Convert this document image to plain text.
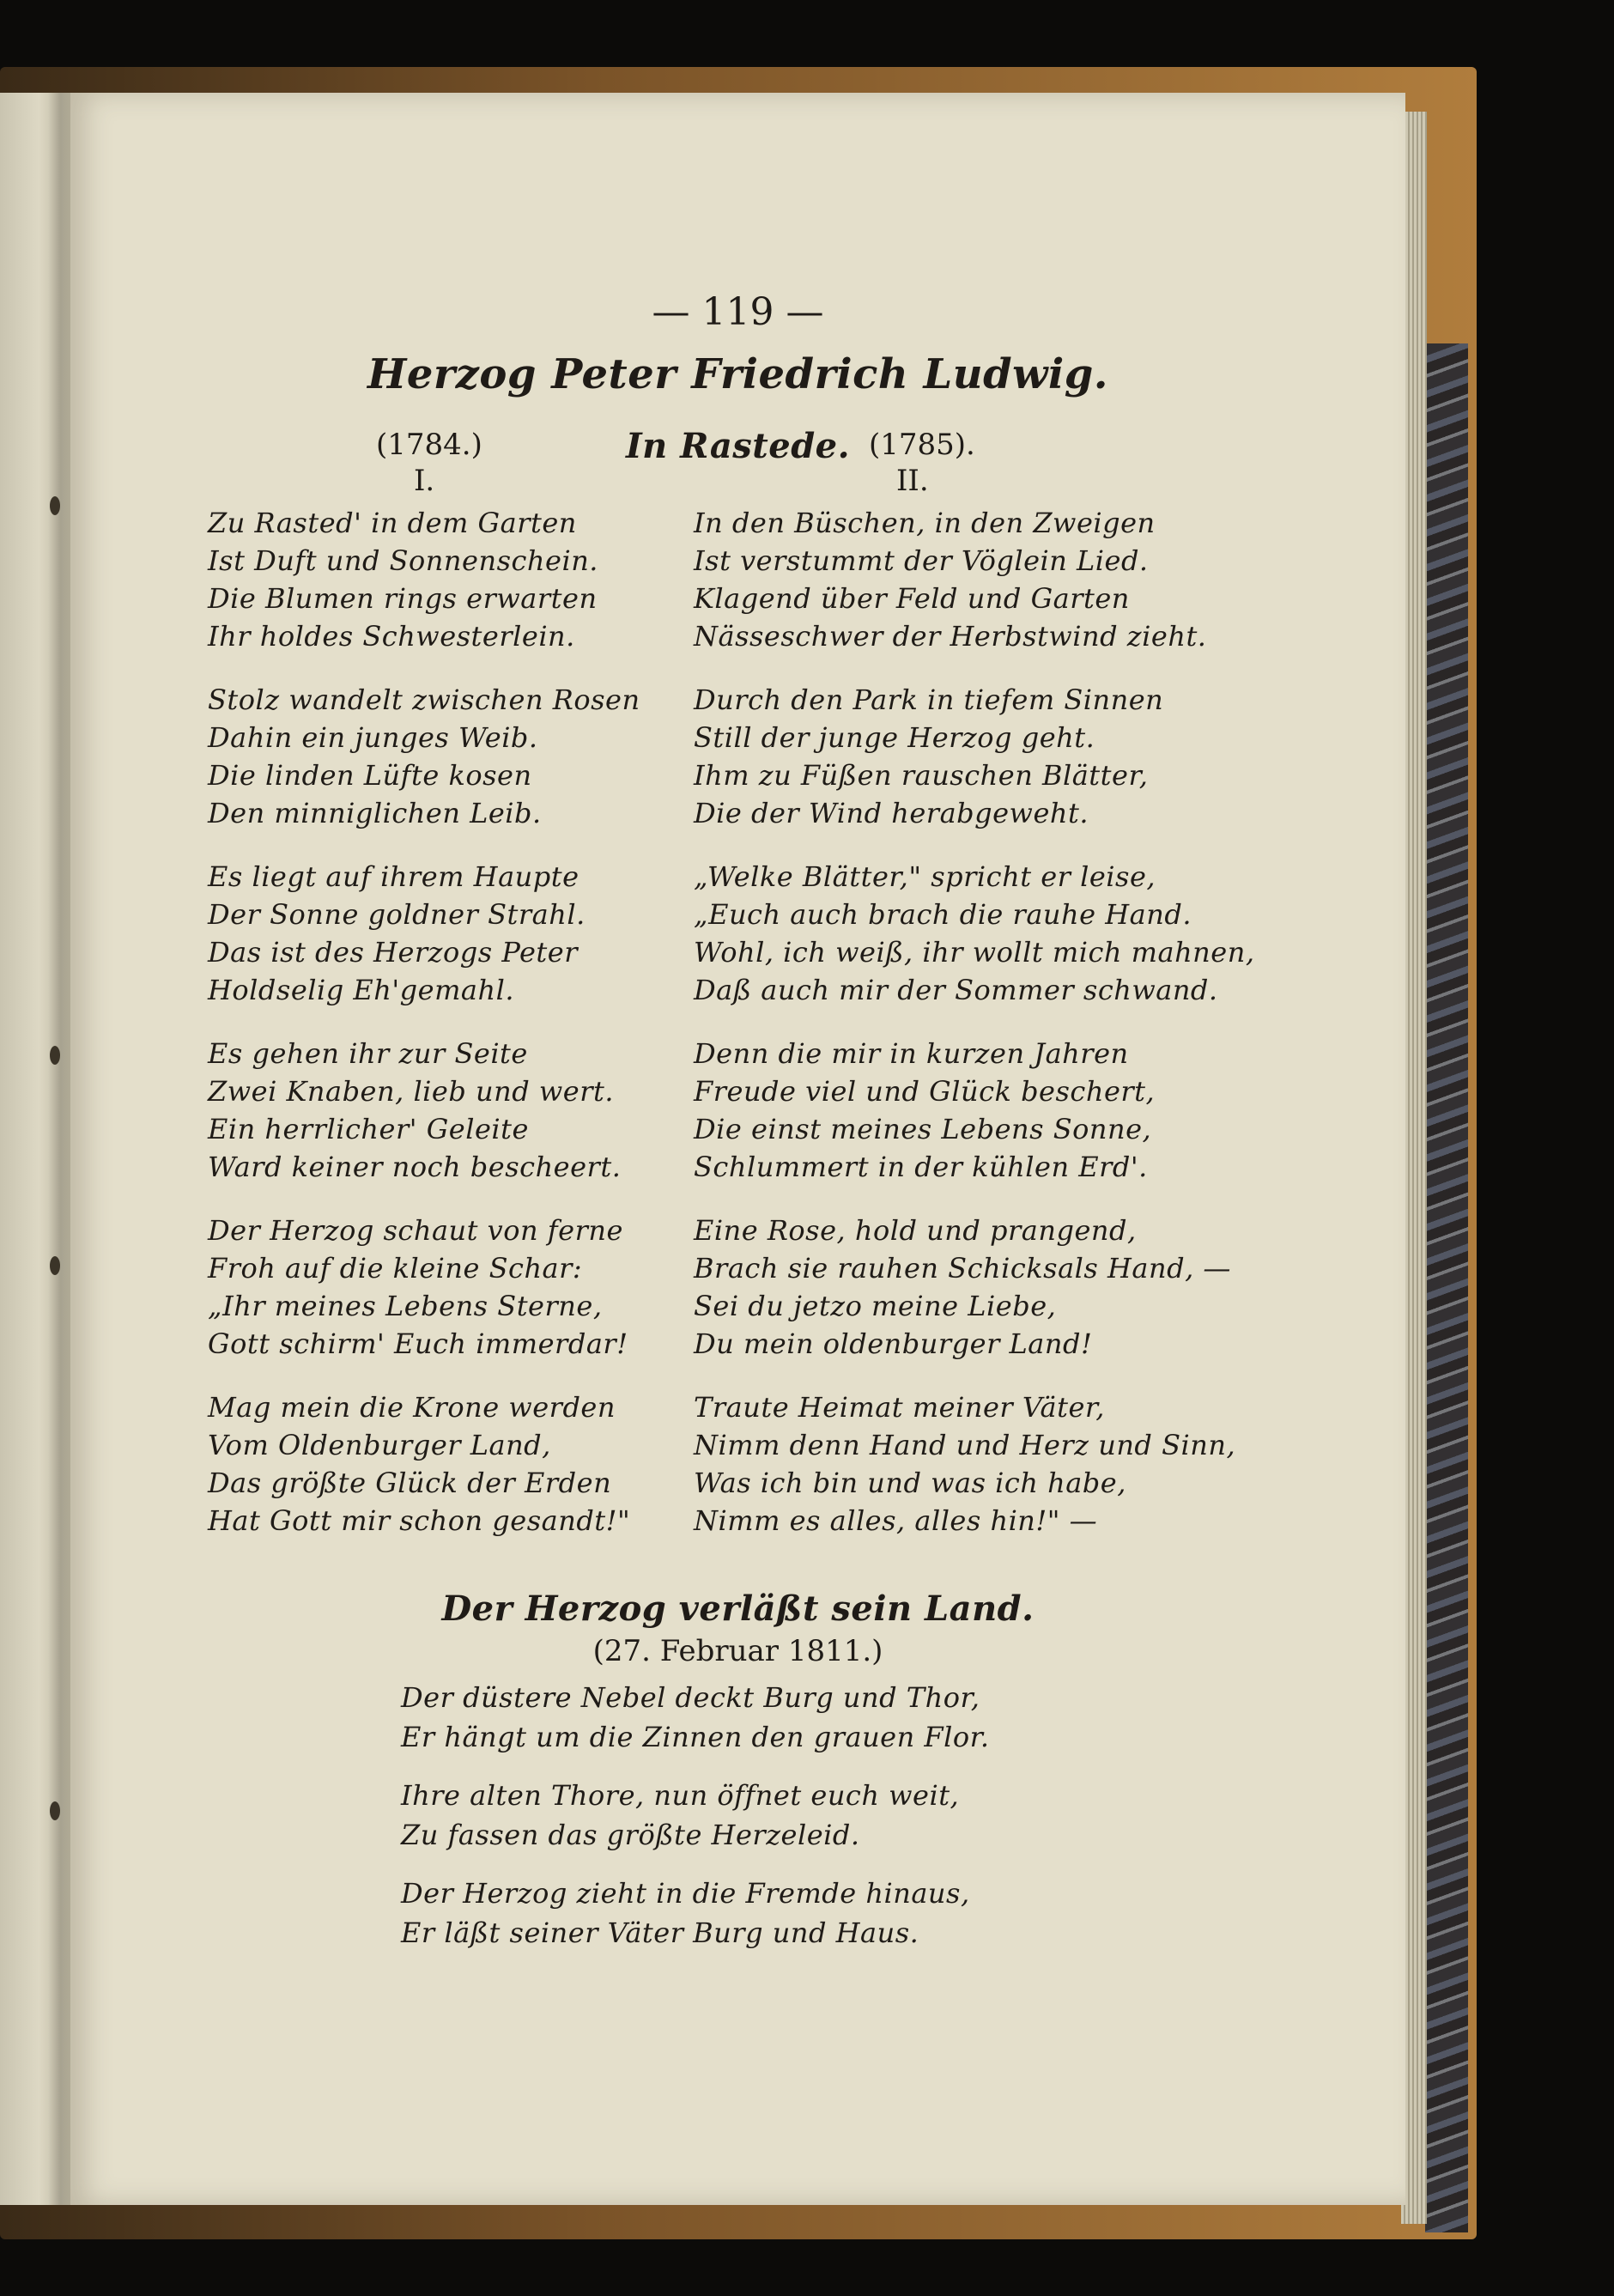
— 119 —
Herzog Peter Friedrich Ludwig.
In Rastede.
(1784.)	(1785).
I.	II.
Zu Rasted' in dem Garten
Ist Duft und Sonnenschein.
Die Blumen rings erwarten
Ihr holdes Schwesterlein.
Stolz wandelt zwischen Rosen
Dahin ein junges Weib.
Die linden Lüfte kosen
Den minniglichen Leib.
Es liegt auf ihrem Haupte
Der Sonne goldner Strahl.
Das ist des Herzogs Peter
Holdselig Eh'gemahl.
Es gehen ihr zur Seite
Zwei Knaben, lieb und wert.
Ein herrlicher' Geleite
Ward keiner noch bescheert.
Der Herzog schaut von ferne
Froh auf die kleine Schar:
„Ihr meines Lebens Sterne,
Gott schirm' Euch immerdar!
Mag mein die Krone werden
Vom Oldenburger Land,
Das größte Glück der Erden
Hat Gott mir schon gesandt!"
In den Büschen, in den Zweigen
Ist verstummt der Vöglein Lied.
Klagend über Feld und Garten
Nässeschwer der Herbstwind zieht.
Durch den Park in tiefem Sinnen
Still der junge Herzog geht.
Ihm zu Füßen rauschen Blätter,
Die der Wind herabgeweht.
„Welke Blätter," spricht er leise,
„Euch auch brach die rauhe Hand.
Wohl, ich weiß, ihr wollt mich mahnen,
Daß auch mir der Sommer schwand.
Denn die mir in kurzen Jahren
Freude viel und Glück beschert,
Die einst meines Lebens Sonne,
Schlummert in der kühlen Erd'.
Eine Rose, hold und prangend,
Brach sie rauhen Schicksals Hand, —
Sei du jetzo meine Liebe,
Du mein oldenburger Land!
Traute Heimat meiner Väter,
Nimm denn Hand und Herz und Sinn,
Was ich bin und was ich habe,
Nimm es alles, alles hin!" —
Der Herzog verläßt sein Land.
(27. Februar 1811.)
Der düstere Nebel deckt Burg und Thor,
Er hängt um die Zinnen den grauen Flor.
Ihre alten Thore, nun öffnet euch weit,
Zu fassen das größte Herzeleid.
Der Herzog zieht in die Fremde hinaus,
Er läßt seiner Väter Burg und Haus.
